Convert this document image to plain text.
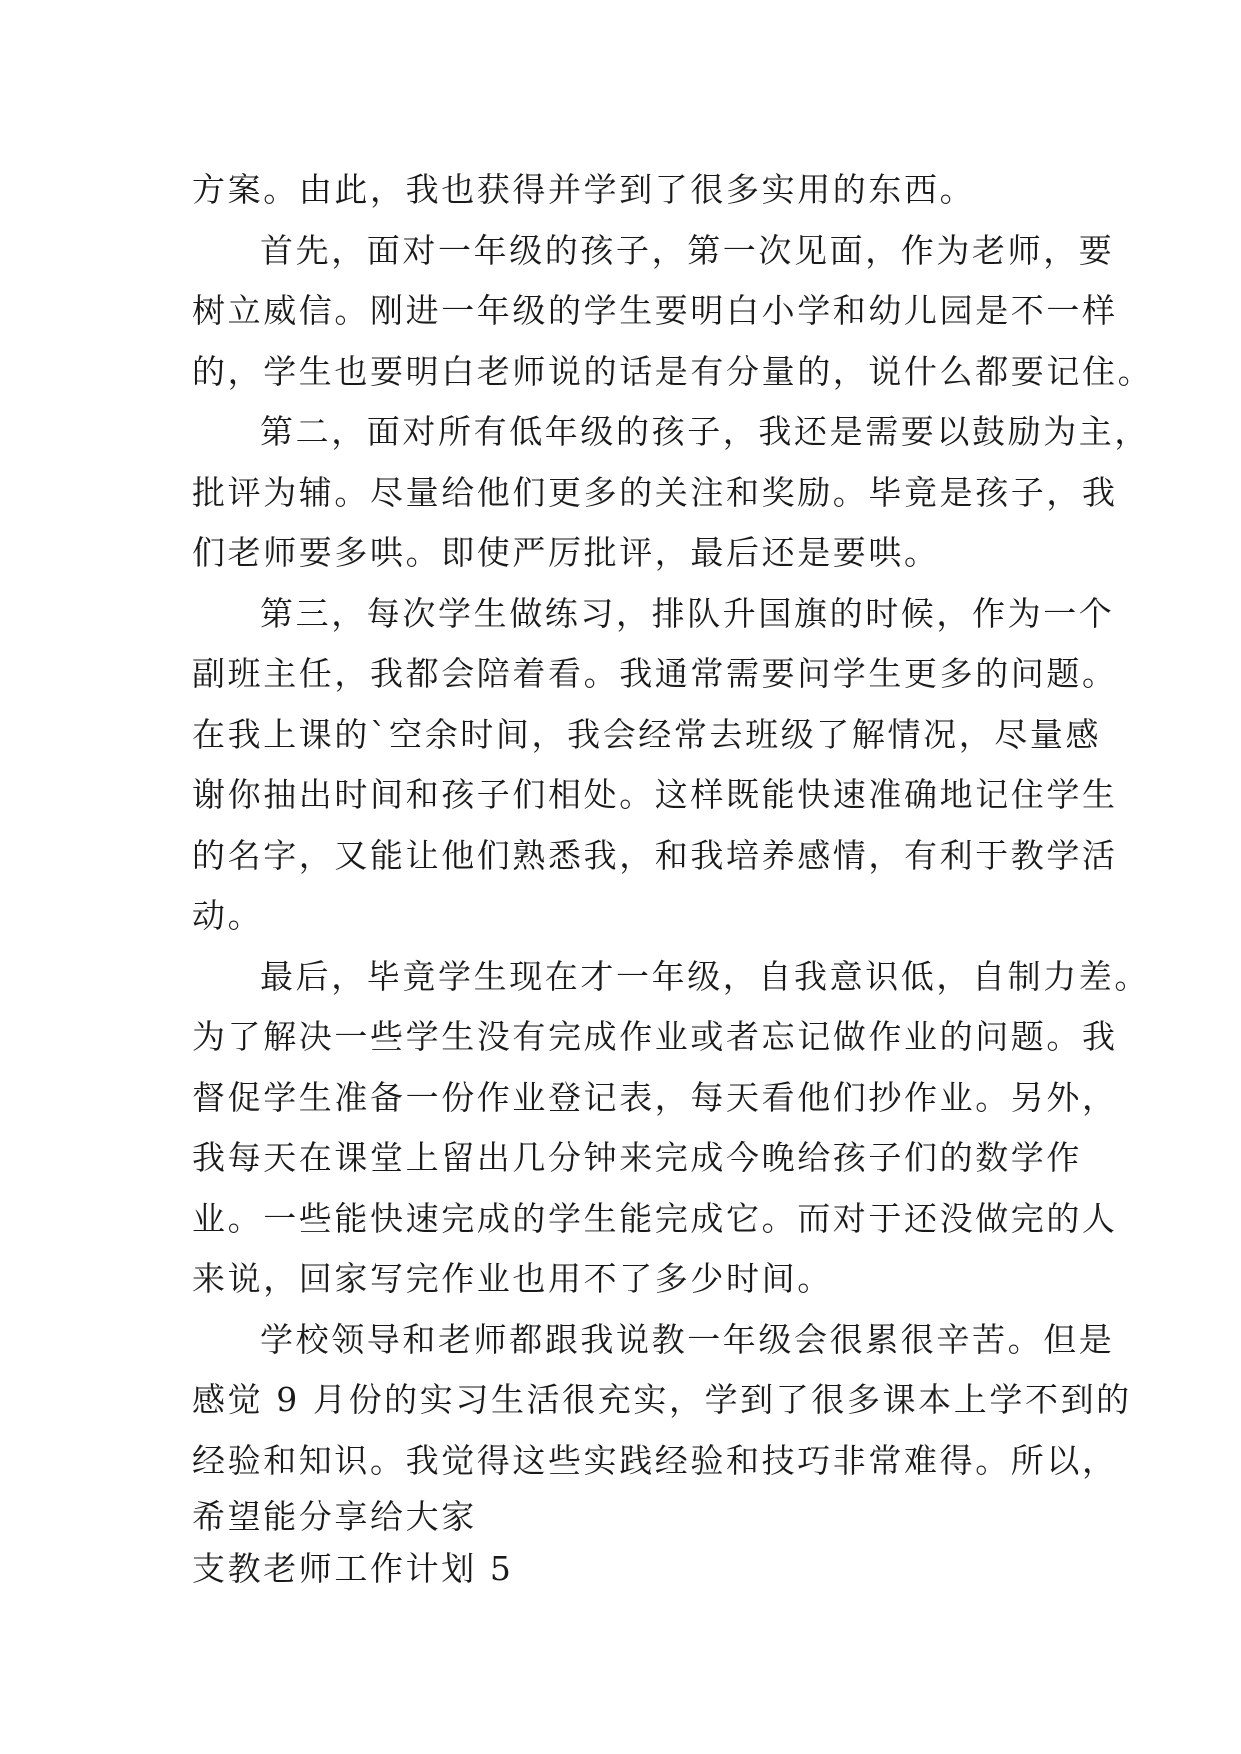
方案。由此，我也获得并学到了很多实用的东西。
首先，面对一年级的孩子，第一次见面，作为老师，要
树立威信。刚进一年级的学生要明白小学和幼儿园是不一样
的，学生也要明白老师说的话是有分量的，说什么都要记住。
第二，面对所有低年级的孩子，我还是需要以鼓励为主，
批评为辅。尽量给他们更多的关注和奖励。毕竟是孩子，我
们老师要多哄。即使严厉批评，最后还是要哄。
第三，每次学生做练习，排队升国旗的时候，作为一个
副班主任，我都会陪着看。我通常需要问学生更多的问题。
在我上课的`空余时间，我会经常去班级了解情况，尽量感
谢你抽出时间和孩子们相处。这样既能快速准确地记住学生
的名字，又能让他们熟悉我，和我培养感情，有利于教学活
动。
最后，毕竟学生现在才一年级，自我意识低，自制力差。
为了解决一些学生没有完成作业或者忘记做作业的问题。我
督促学生准备一份作业登记表，每天看他们抄作业。另外，
我每天在课堂上留出几分钟来完成今晚给孩子们的数学作
业。一些能快速完成的学生能完成它。而对于还没做完的人
来说，回家写完作业也用不了多少时间。
学校领导和老师都跟我说教一年级会很累很辛苦。但是
感觉 9 月份的实习生活很充实，学到了很多课本上学不到的
经验和知识。我觉得这些实践经验和技巧非常难得。所以，
希望能分享给大家
支教老师工作计划 5
